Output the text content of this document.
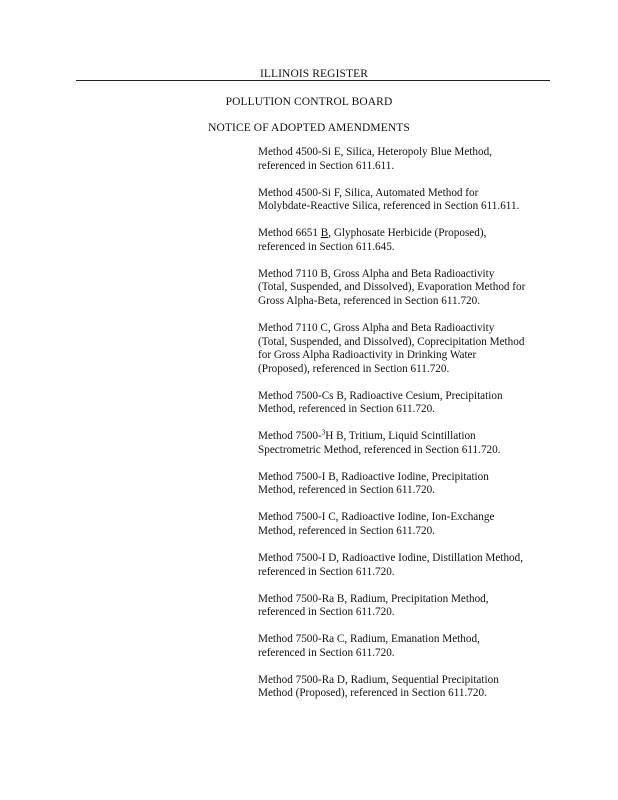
ILLINOIS REGISTER
POLLUTION CONTROL BOARD
NOTICE OF ADOPTED AMENDMENTS
Method 4500-Si E, Silica, Heteropoly Blue Method,
referenced in Section 611.611.
Method 4500-Si F, Silica, Automated Method for
Molybdate-Reactive Silica, referenced in Section 611.611.
Method 6651 B, Glyphosate Herbicide (Proposed),
referenced in Section 611.645.
Method 7110 B, Gross Alpha and Beta Radioactivity
(Total, Suspended, and Dissolved), Evaporation Method for
Gross Alpha-Beta, referenced in Section 611.720.
Method 7110 C, Gross Alpha and Beta Radioactivity
(Total, Suspended, and Dissolved), Coprecipitation Method
for Gross Alpha Radioactivity in Drinking Water
(Proposed), referenced in Section 611.720.
Method 7500-Cs B, Radioactive Cesium, Precipitation
Method, referenced in Section 611.720.
Method 7500-$^3$H B, Tritium, Liquid Scintillation
Spectrometric Method, referenced in Section 611.720.
Method 7500-I B, Radioactive Iodine, Precipitation
Method, referenced in Section 611.720.
Method 7500-I C, Radioactive Iodine, Ion-Exchange
Method, referenced in Section 611.720.
Method 7500-I D, Radioactive Iodine, Distillation Method,
referenced in Section 611.720.
Method 7500-Ra B, Radium, Precipitation Method,
referenced in Section 611.720.
Method 7500-Ra C, Radium, Emanation Method,
referenced in Section 611.720.
Method 7500-Ra D, Radium, Sequential Precipitation
Method (Proposed), referenced in Section 611.720.
